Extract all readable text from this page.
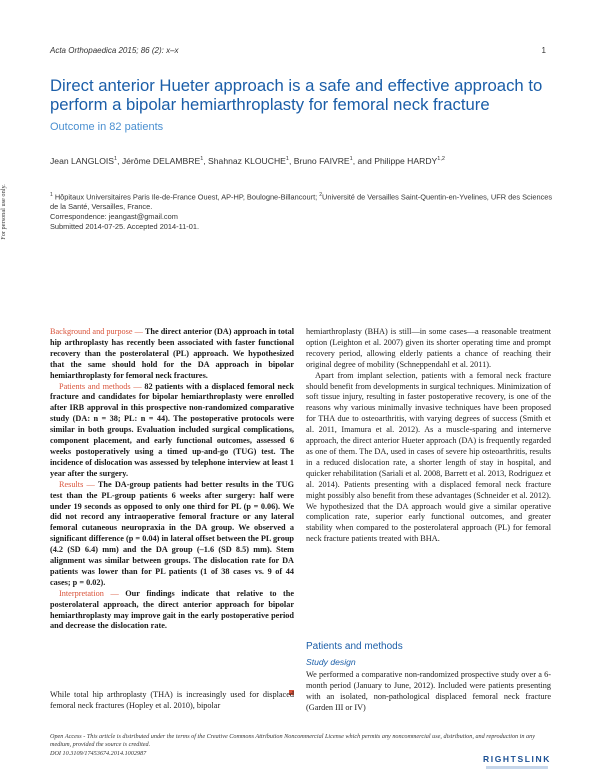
For personal use only.
Acta Orthopaedica 2015; 86 (2): x–x	1
Direct anterior Hueter approach is a safe and effective approach to perform a bipolar hemiarthroplasty for femoral neck fracture
Outcome in 82 patients
Jean LANGLOIS$^1$, Jérôme DELAMBRE$^1$, Shahnaz KLOUCHE$^1$, Bruno FAIVRE$^1$, and Philippe HARDY$^{1,2}$
$^1$ Hôpitaux Universitaires Paris Ile-de-France Ouest, AP-HP, Boulogne-Billancourt; $^2$Université de Versailles Saint-Quentin-en-Yvelines, UFR des Sciences de la Santé, Versailles, France.
Correspondence: jeangast@gmail.com
Submitted 2014-07-25. Accepted 2014-11-01.

Background and purpose — The direct anterior (DA) approach in total hip arthroplasty has recently been associated with faster functional recovery than the posterolateral (PL) approach. We hypothesized that the same should hold for the DA approach in bipolar hemiarthroplasty for femoral neck fractures.

Patients and methods — 82 patients with a displaced femoral neck fracture and candidates for bipolar hemiarthroplasty were enrolled after IRB approval in this prospective non-randomized comparative study (DA: n = 38; PL: n = 44). The postoperative protocols were similar in both groups. Evaluation included surgical complications, component placement, and early functional outcomes, assessed 6 weeks postoperatively using a timed up-and-go (TUG) test. The incidence of dislocation was assessed by telephone interview at least 1 year after the surgery.

Results — The DA-group patients had better results in the TUG test than the PL-group patients 6 weeks after surgery: half were under 19 seconds as opposed to only one third for PL (p = 0.06). We did not record any intraoperative femoral fracture or any lateral femoral cutaneous neuropraxia in the DA group. We observed a significant difference (p = 0.04) in lateral offset between the PL group (4.2 (SD 6.4) mm) and the DA group (–1.6 (SD 8.5) mm). Stem alignment was similar between groups. The dislocation rate for DA patients was lower than for PL patients (1 of 38 cases vs. 9 of 44 cases; p = 0.02).

Interpretation — Our findings indicate that relative to the posterolateral approach, the direct anterior approach for bipolar hemiarthroplasty may improve gait in the early postoperative period and decrease the dislocation rate.

While total hip arthroplasty (THA) is increasingly used for displaced femoral neck fractures (Hopley et al. 2010), bipolar

hemiarthroplasty (BHA) is still—in some cases—a reasonable treatment option (Leighton et al. 2007) given its shorter operating time and prompt recovery period, allowing elderly patients a chance of reaching their original degree of mobility (Schneppendahl et al. 2011).

Apart from implant selection, patients with a femoral neck fracture should benefit from developments in surgical techniques. Minimization of soft tissue injury, resulting in faster postoperative recovery, is one of the reasons why various minimally invasive techniques have been proposed for THA due to osteoarthritis, with varying degrees of success (Smith et al. 2011, Imamura et al. 2012). As a muscle-sparing and internerve approach, the direct anterior Hueter approach (DA) is frequently regarded as one of them. The DA, used in cases of severe hip osteoarthritis, results in a reduced dislocation rate, a shorter length of stay in hospital, and quicker rehabilitation (Sariali et al. 2008, Barrett et al. 2013, Rodriguez et al. 2014). Patients presenting with a displaced femoral neck fracture might possibly also benefit from these advantages (Schneider et al. 2012). We hypothesized that the DA approach would give a similar operative complication rate, superior early functional outcomes, and greater stability when compared to the posterolateral approach (PL) for femoral neck fracture patients treated with BHA.

Patients and methods
Study design
We performed a comparative non-randomized prospective study over a 6-month period (January to June, 2012). Included were patients presenting with an isolated, non-pathological displaced femoral neck fracture (Garden III or IV)
Open Access - This article is distributed under the terms of the Creative Commons Attribution Noncommercial License which permits any noncommercial use, distribution, and reproduction in any medium, provided the source is credited.
DOI 10.3109/17453674.2014.1002987
RIGHTSLINK
